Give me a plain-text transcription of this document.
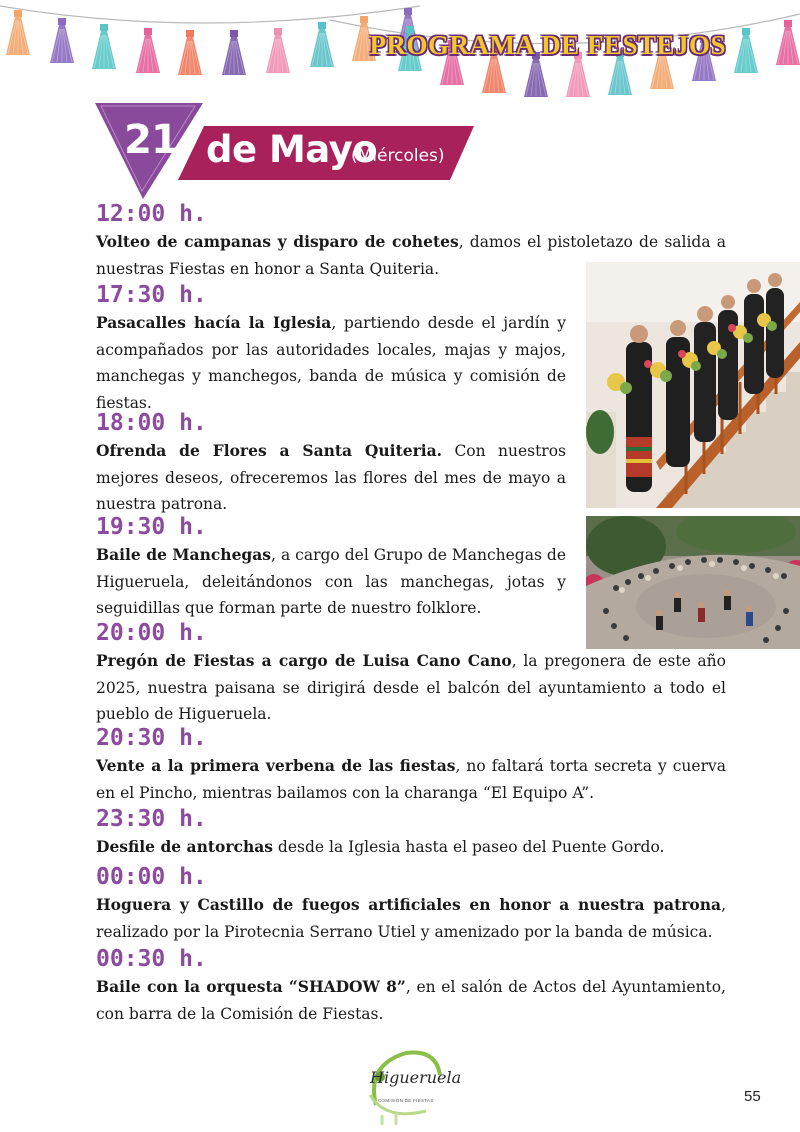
PROGRAMA DE FESTEJOS
21 de Mayo
(Miércoles)
12:00 h.
Volteo de campanas y disparo de cohetes, damos el pistoletazo de salida a nuestras Fiestas en honor a Santa Quiteria.
17:30 h.
Pasacalles hacía la Iglesia, partiendo desde el jardín y acompañados por las autoridades locales, majas y majos, manchegas y manchegos, banda de música y comisión de fiestas.
18:00 h.
Ofrenda de Flores a Santa Quiteria. Con nuestros mejores deseos, ofreceremos las flores del mes de mayo a nuestra patrona.
19:30 h.
Baile de Manchegas, a cargo del Grupo de Manchegas de Higueruela, deleitándonos con las manchegas, jotas y seguidillas que forman parte de nuestro folklore.
20:00 h.
Pregón de Fiestas a cargo de Luisa Cano Cano, la pregonera de este año 2025, nuestra paisana se dirigirá desde el balcón del ayuntamiento a todo el pueblo de Higueruela.
20:30 h.
Vente a la primera verbena de las fiestas, no faltará torta secreta y cuerva en el Pincho, mientras bailamos con la charanga “El Equipo A”.
23:30 h.
Desfile de antorchas desde la Iglesia hasta el paseo del Puente Gordo.
00:00 h.
Hoguera y Castillo de fuegos artificiales en honor a nuestra patrona, realizado por la Pirotecnia Serrano Utiel y amenizado por la banda de música.
00:30 h.
Baile con la orquesta “SHADOW 8”, en el salón de Actos del Ayuntamiento, con barra de la Comisión de Fiestas.
Higueruela
COMISIÓN DE FIESTAS	55
